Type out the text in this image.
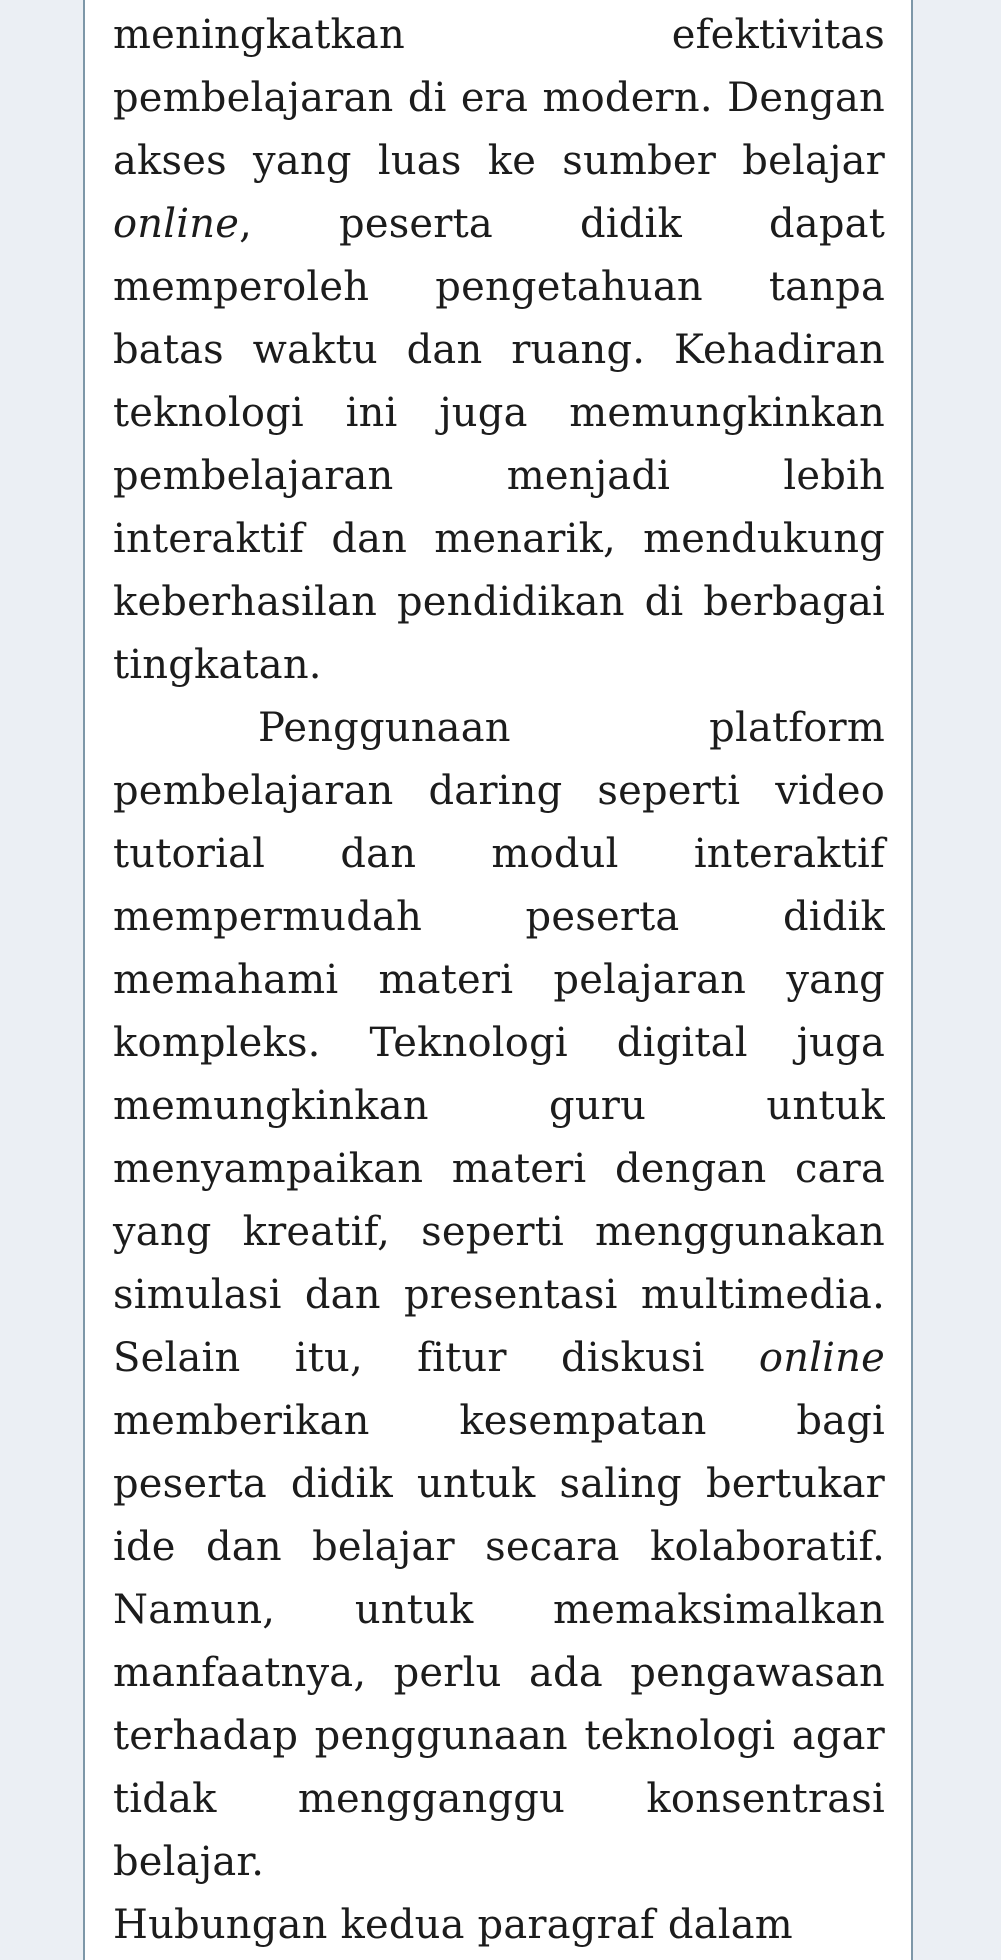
meningkatkan efektivitas pembelajaran di era modern. Dengan akses yang luas ke sumber belajar online, peserta didik dapat memperoleh pengetahuan tanpa batas waktu dan ruang. Kehadiran teknologi ini juga memungkinkan pembelajaran menjadi lebih interaktif dan menarik, mendukung keberhasilan pendidikan di berbagai tingkatan.

Penggunaan platform pembelajaran daring seperti video tutorial dan modul interaktif mempermudah peserta didik memahami materi pelajaran yang kompleks. Teknologi digital juga memungkinkan guru untuk menyampaikan materi dengan cara yang kreatif, seperti menggunakan simulasi dan presentasi multimedia. Selain itu, fitur diskusi online memberikan kesempatan bagi peserta didik untuk saling bertukar ide dan belajar secara kolaboratif. Namun, untuk memaksimalkan manfaatnya, perlu ada pengawasan terhadap penggunaan teknologi agar tidak mengganggu konsentrasi belajar.

Hubungan kedua paragraf dalam
